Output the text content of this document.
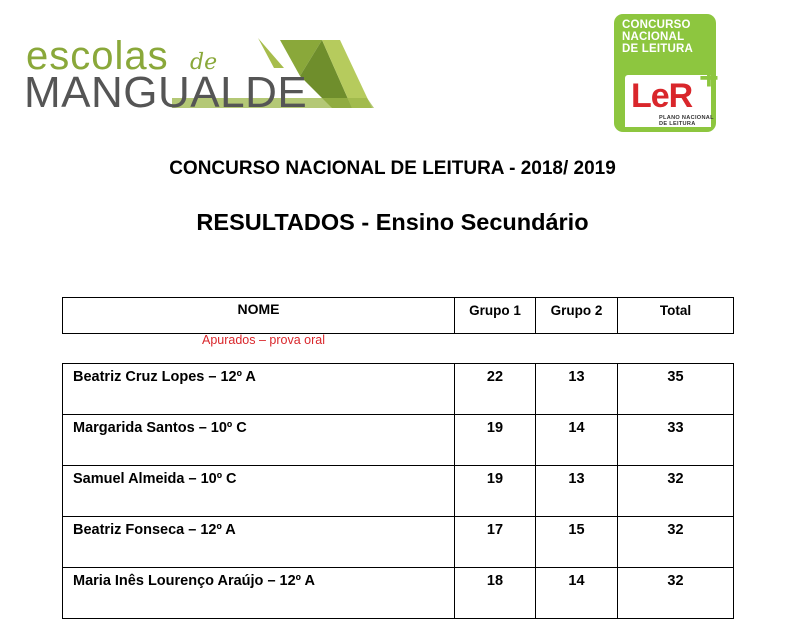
escolas de
MANGUALDE
CONCURSO
NACIONAL
DE LEITURA
LeR +
PLANO NACIONAL
DE LEITURA
CONCURSO NACIONAL DE LEITURA - 2018/ 2019
RESULTADOS - Ensino Secundário
NOME	Grupo 1	Grupo 2	Total
Apurados – prova oral
Beatriz Cruz Lopes – 12º A	22	13	35
Margarida Santos – 10º C	19	14	33
Samuel Almeida – 10º C	19	13	32
Beatriz Fonseca – 12º A	17	15	32
Maria Inês Lourenço Araújo – 12º A	18	14	32
